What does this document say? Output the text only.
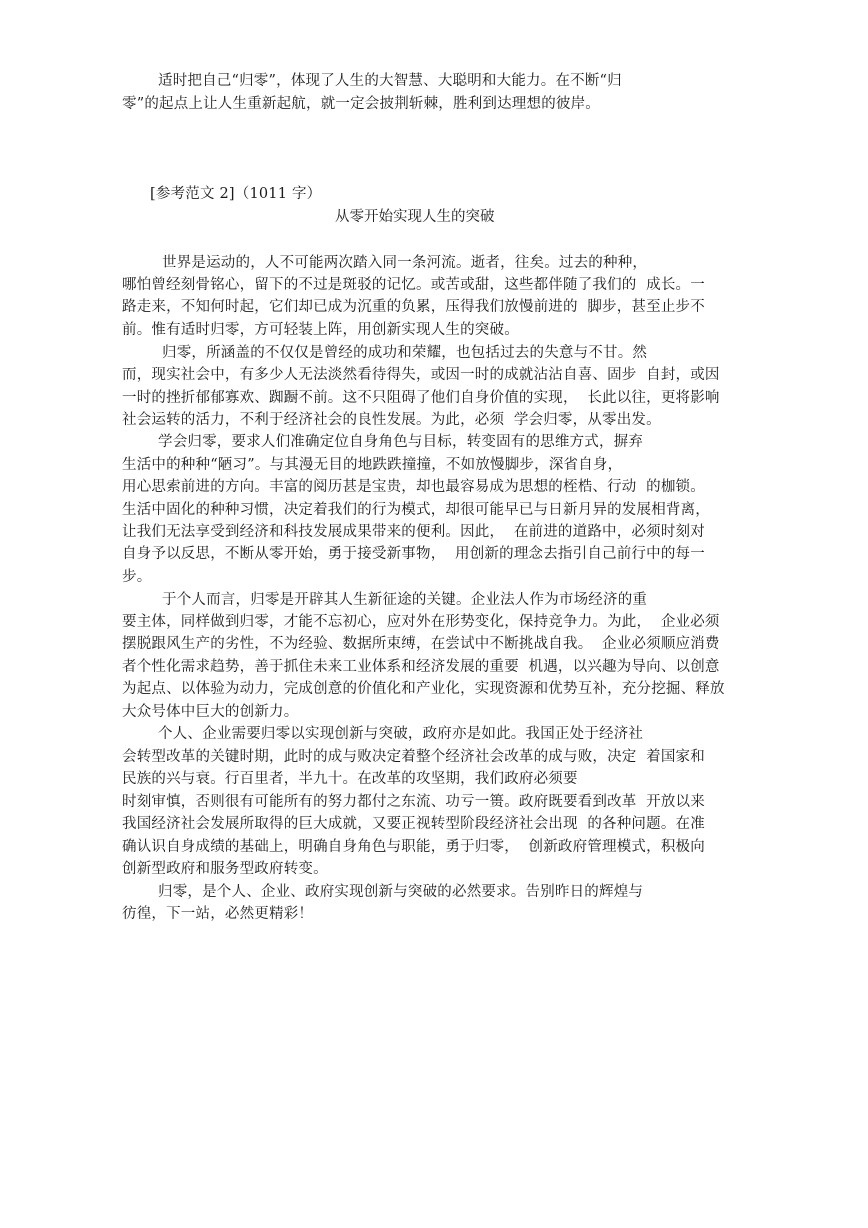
适时把自己“归零”，体现了人生的大智慧、大聪明和大能力。在不断“归
零”的起点上让人生重新起航，就一定会披荆斩棘，胜利到达理想的彼岸。
[参考范文 2]（1011 字）
从零开始实现人生的突破
世界是运动的，人不可能两次踏入同一条河流。逝者，往矣。过去的种种，
哪怕曾经刻骨铭心，留下的不过是斑驳的记忆。或苦或甜，这些都伴随了我们的  成长。一
路走来，不知何时起，它们却已成为沉重的负累，压得我们放慢前进的  脚步，甚至止步不
前。惟有适时归零，方可轻装上阵，用创新实现人生的突破。
归零，所涵盖的不仅仅是曾经的成功和荣耀，也包括过去的失意与不甘。然
而，现实社会中，有多少人无法淡然看待得失，或因一时的成就沾沾自喜、固步  自封，或因
一时的挫折郁郁寡欢、踟蹰不前。这不只阻碍了他们自身价值的实现，  长此以往，更将影响
社会运转的活力，不利于经济社会的良性发展。为此，必须  学会归零，从零出发。
学会归零，要求人们准确定位自身角色与目标，转变固有的思维方式，摒弃
生活中的种种“陋习”。与其漫无目的地跌跌撞撞，不如放慢脚步，深省自身，
用心思索前进的方向。丰富的阅历甚是宝贵，却也最容易成为思想的桎梏、行动  的枷锁。
生活中固化的种种习惯，决定着我们的行为模式，却很可能早已与日新月异的发展相背离，
让我们无法享受到经济和科技发展成果带来的便利。因此，  在前进的道路中，必须时刻对
自身予以反思，不断从零开始，勇于接受新事物，  用创新的理念去指引自己前行中的每一
步。
于个人而言，归零是开辟其人生新征途的关键。企业法人作为市场经济的重
要主体，同样做到归零，才能不忘初心，应对外在形势变化，保持竞争力。为此，  企业必须
摆脱跟风生产的劣性，不为经验、数据所束缚，在尝试中不断挑战自我。  企业必须顺应消费
者个性化需求趋势，善于抓住未来工业体系和经济发展的重要  机遇，以兴趣为导向、以创意
为起点、以体验为动力，完成创意的价值化和产业化，实现资源和优势互补，充分挖掘、释放
大众号体中巨大的创新力。
个人、企业需要归零以实现创新与突破，政府亦是如此。我国正处于经济社
会转型改革的关键时期，此时的成与败决定着整个经济社会改革的成与败，决定  着国家和
民族的兴与衰。行百里者，半九十。在改革的攻坚期，我们政府必须要
时刻审慎，否则很有可能所有的努力都付之东流、功亏一篑。政府既要看到改革  开放以来
我国经济社会发展所取得的巨大成就，又要正视转型阶段经济社会出现  的各种问题。在准
确认识自身成绩的基础上，明确自身角色与职能，勇于归零，  创新政府管理模式，积极向
创新型政府和服务型政府转变。
归零，是个人、企业、政府实现创新与突破的必然要求。告别昨日的辉煌与
彷徨，下一站，必然更精彩！
